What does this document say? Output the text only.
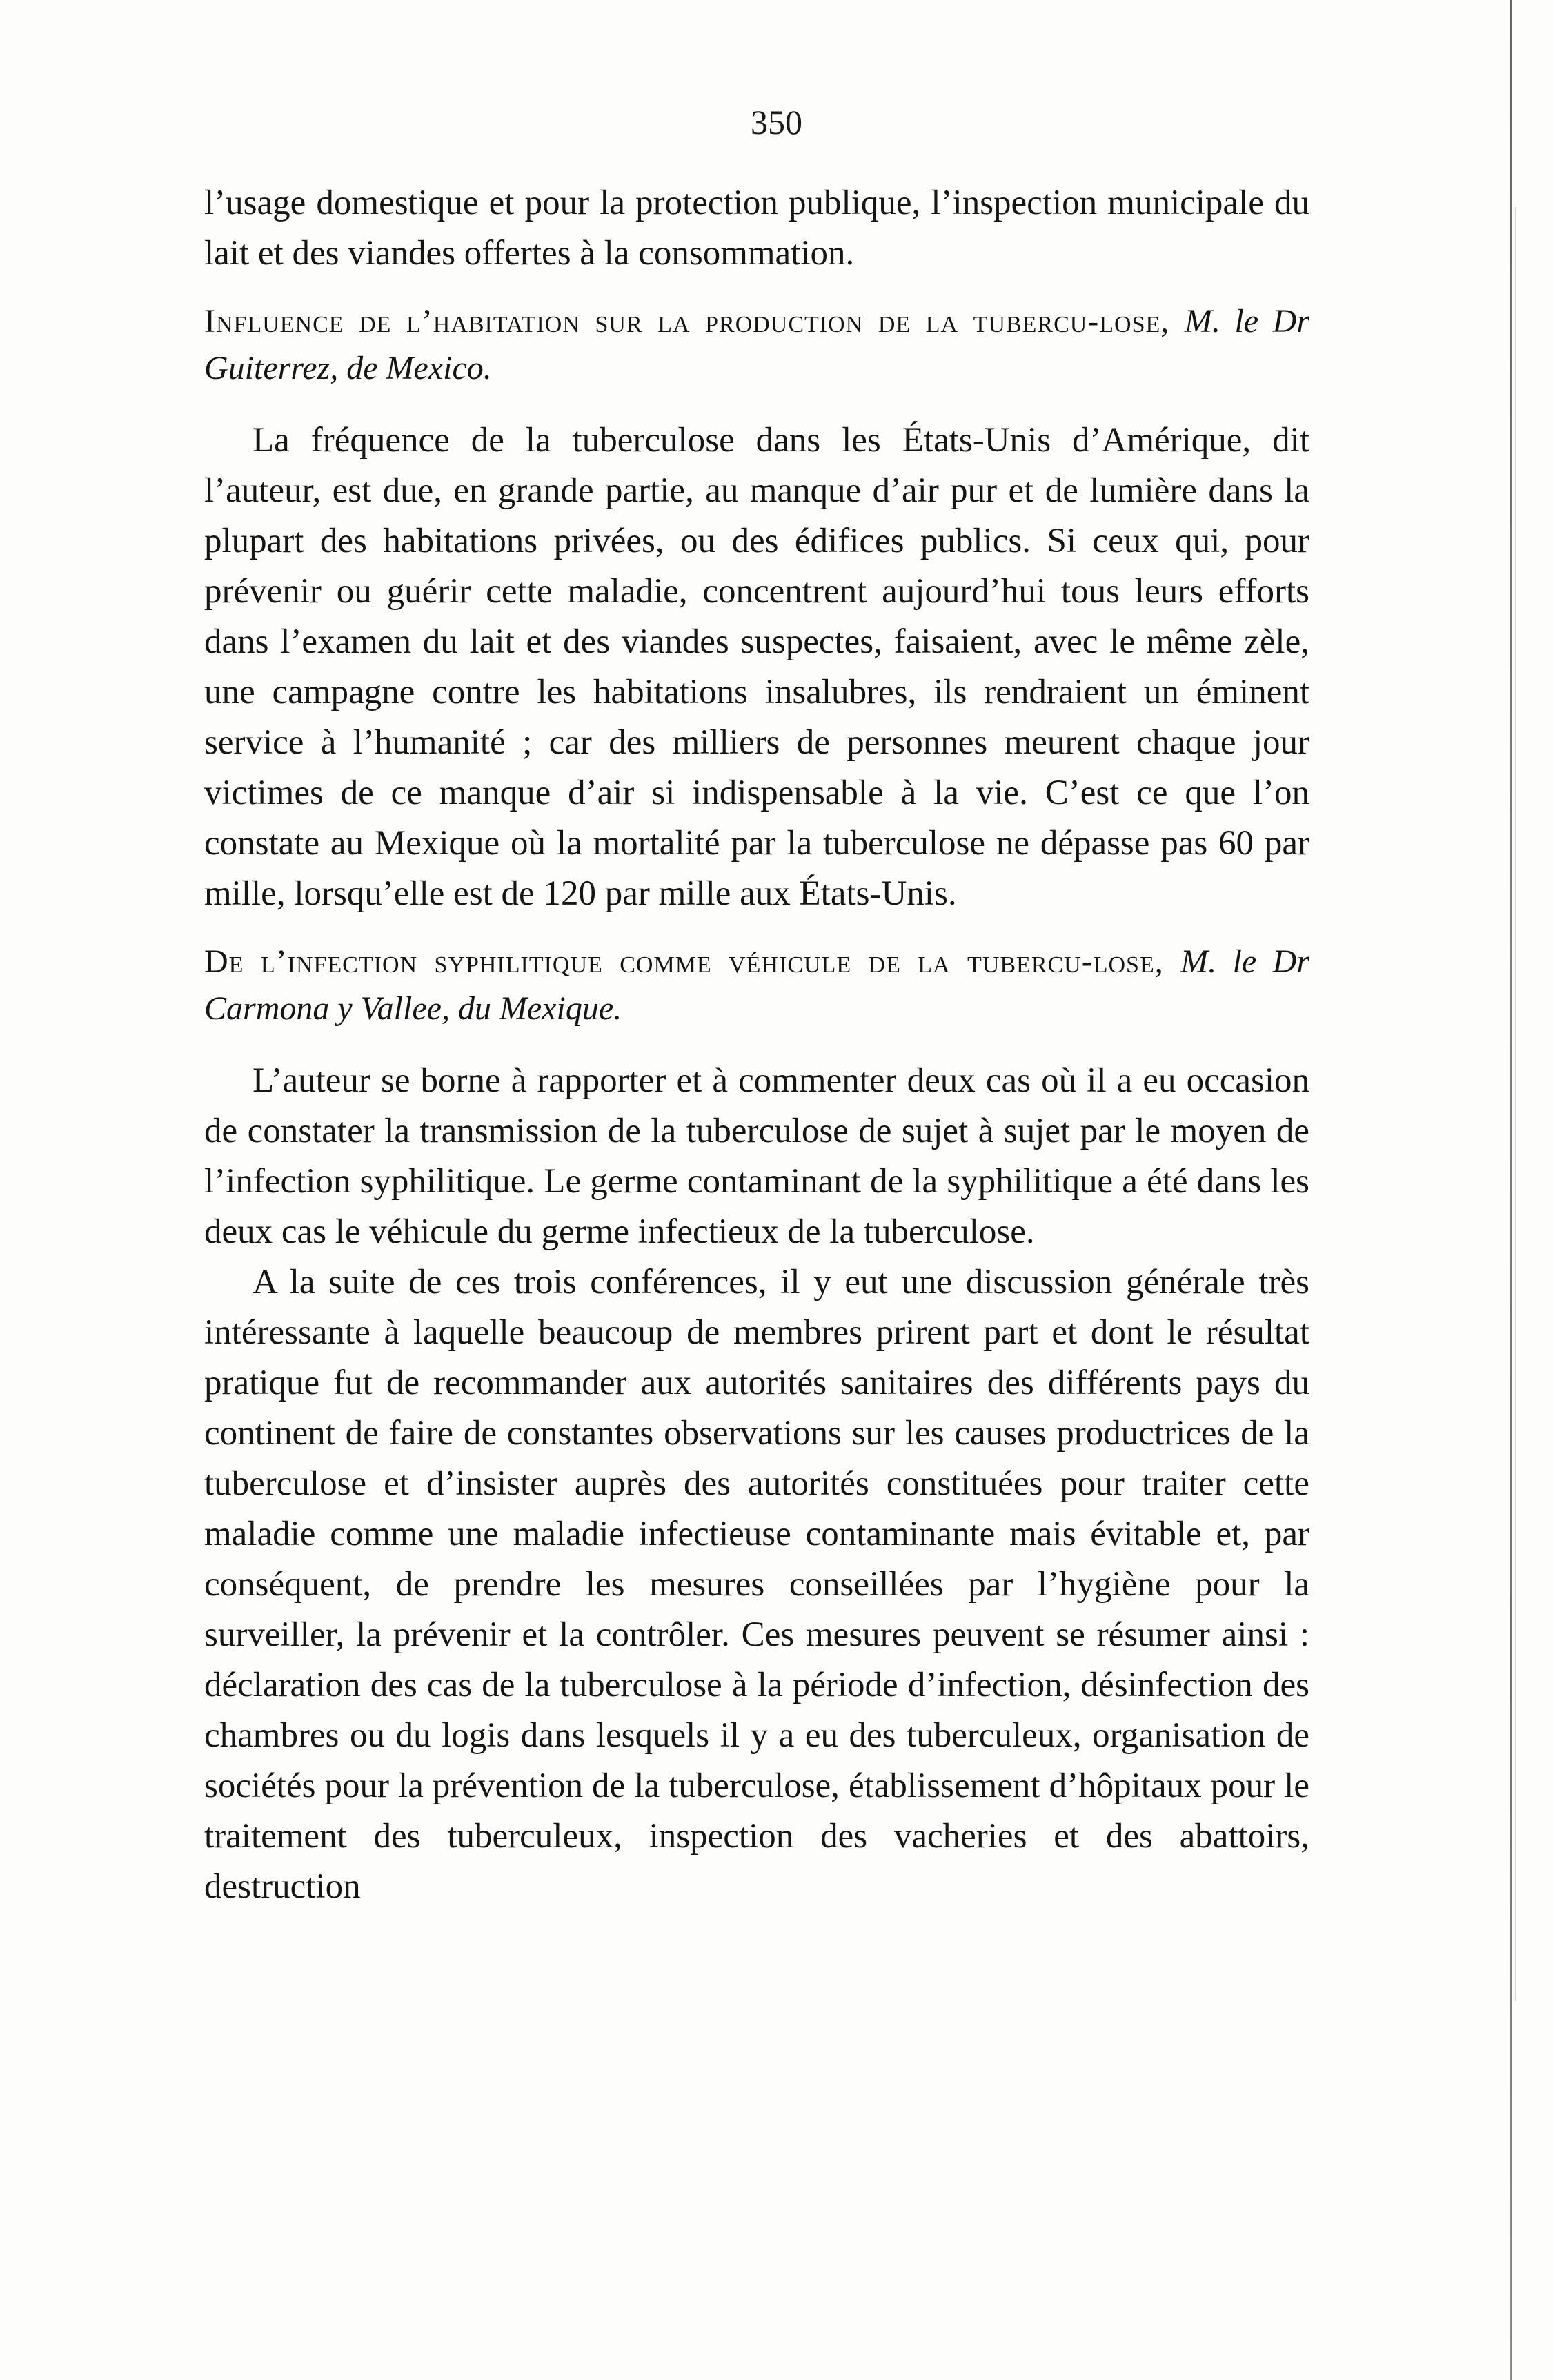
350

l’usage domestique et pour la protection publique, l’inspection municipale du lait et des viandes offertes à la consommation.

Influence de l’habitation sur la production de la tubercu-lose, M. le Dr Guiterrez, de Mexico.

La fréquence de la tuberculose dans les États-Unis d’Amérique, dit l’auteur, est due, en grande partie, au manque d’air pur et de lumière dans la plupart des habitations privées, ou des édifices publics. Si ceux qui, pour prévenir ou guérir cette maladie, concentrent aujourd’hui tous leurs efforts dans l’examen du lait et des viandes suspectes, faisaient, avec le même zèle, une campagne contre les habitations insalubres, ils rendraient un éminent service à l’humanité ; car des milliers de personnes meurent chaque jour victimes de ce manque d’air si indispensable à la vie. C’est ce que l’on constate au Mexique où la mortalité par la tuberculose ne dépasse pas 60 par mille, lorsqu’elle est de 120 par mille aux États-Unis.

De l’infection syphilitique comme véhicule de la tubercu-lose, M. le Dr Carmona y Vallee, du Mexique.

L’auteur se borne à rapporter et à commenter deux cas où il a eu occasion de constater la transmission de la tuberculose de sujet à sujet par le moyen de l’infection syphilitique. Le germe contaminant de la syphilitique a été dans les deux cas le véhicule du germe infectieux de la tuberculose.

A la suite de ces trois conférences, il y eut une discussion générale très intéressante à laquelle beaucoup de membres prirent part et dont le résultat pratique fut de recommander aux autorités sanitaires des différents pays du continent de faire de constantes observations sur les causes productrices de la tuberculose et d’insister auprès des autorités constituées pour traiter cette maladie comme une maladie infectieuse contaminante mais évitable et, par conséquent, de prendre les mesures conseillées par l’hygiène pour la surveiller, la prévenir et la contrôler. Ces mesures peuvent se résumer ainsi : déclaration des cas de la tuberculose à la période d’infection, désinfection des chambres ou du logis dans lesquels il y a eu des tuberculeux, organisation de sociétés pour la prévention de la tuberculose, établissement d’hôpitaux pour le traitement des tuberculeux, inspection des vacheries et des abattoirs, destruction
